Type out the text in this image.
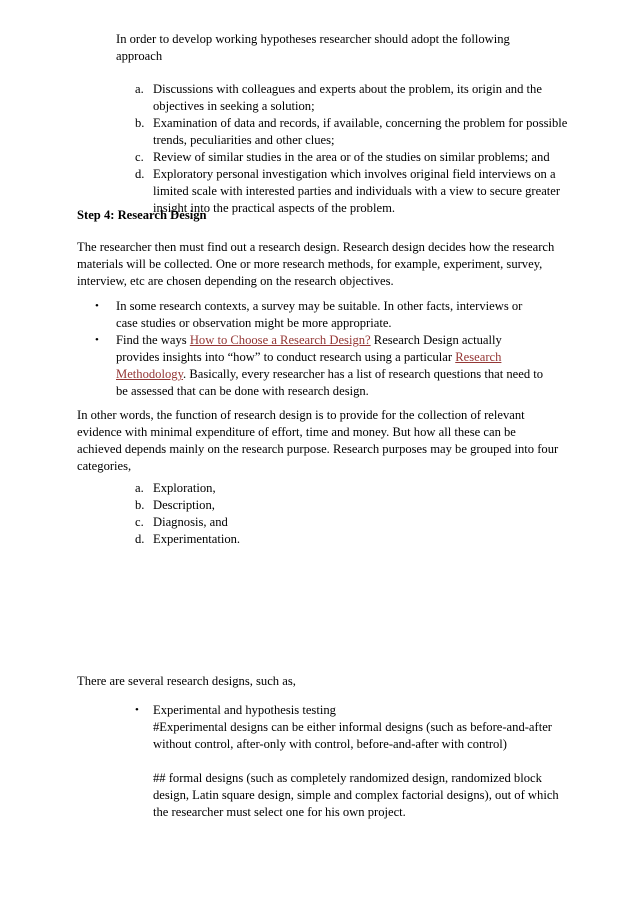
In order to develop working hypotheses researcher should adopt the following approach

a. Discussions with colleagues and experts about the problem, its origin and the objectives in seeking a solution;
b. Examination of data and records, if available, concerning the problem for possible trends, peculiarities and other clues;
c. Review of similar studies in the area or of the studies on similar problems; and
d. Exploratory personal investigation which involves original field interviews on a limited scale with interested parties and individuals with a view to secure greater insight into the practical aspects of the problem.

Step 4: Research Design

The researcher then must find out a research design. Research design decides how the research materials will be collected. One or more research methods, for example, experiment, survey, interview, etc are chosen depending on the research objectives.

•	In some research contexts, a survey may be suitable. In other facts, interviews or case studies or observation might be more appropriate.
•	Find the ways How to Choose a Research Design? Research Design actually provides insights into “how” to conduct research using a particular Research Methodology. Basically, every researcher has a list of research questions that need to be assessed that can be done with research design.

In other words, the function of research design is to provide for the collection of relevant evidence with minimal expenditure of effort, time and money. But how all these can be achieved depends mainly on the research purpose. Research purposes may be grouped into four categories,

a. Exploration,
b. Description,
c. Diagnosis, and
d. Experimentation.

There are several research designs, such as,

•	Experimental and hypothesis testing

#Experimental designs can be either informal designs (such as before-and-after without control, after-only with control, before-and-after with control)

## formal designs (such as completely randomized design, randomized block design, Latin square design, simple and complex factorial designs), out of which the researcher must select one for his own project.
